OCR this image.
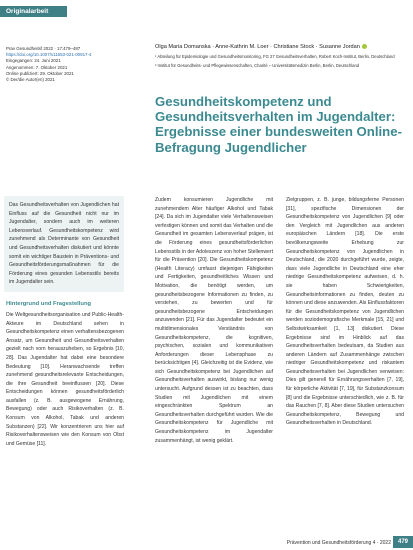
Originalarbeit
Prav Gesundheitsf 2022 · 17:479–487
https://doi.org/10.1007/s11553-021-00917-4
Eingegangen: 24. Juni 2021
Angenommen: 7. Oktober 2021
Online publiziert: 29. Oktober 2021
© Der/die Autor(en) 2021
Olga Maria Domanska · Anne-Kathrin M. Loer · Christiane Stock · Susanne Jordan
¹ Abteilung für Epidemiologie und Gesundheitsmonitoring, FG 27 Gesundheitsverhalten, Robert Koch-Institut, Berlin, Deutschland
² Institut für Gesundheits- und Pflegewissenschaften, Charité – Universitätsmedizin Berlin, Berlin, Deutschland
Gesundheitskompetenz und Gesundheitsverhalten im Jugendalter: Ergebnisse einer bundesweiten Online-Befragung Jugendlicher

Das Gesundheitsverhalten von Jugendlichen hat Einfluss auf die Gesundheit nicht nur im Jugendalter, sondern auch im weiteren Lebensverlauf. Gesundheitskompetenz wird zunehmend als Determinante von Gesundheit und Gesundheitsverhalten diskutiert und könnte somit ein wichtiger Baustein in Präventions- und Gesundheitsförderungsmaßnahmen für die Förderung eines gesunden Lebensstils bereits im Jugendalter sein.

Hintergrund und Fragestellung

Die Weltgesundheitsorganisation und Public-Health-Akteure im Deutschland sehen in Gesundheitskompetenz einen verhaltensbezogenen Ansatz, um Gesundheit und Gesundheitsverhalten gezielt nach vorn herauszuheben, so Ergebnis [10, 28]. Das Jugendalter hat dabei eine besondere Bedeutung [10]. Heranwachsende treffen zunehmend gesundheitsrelevante Entscheidungen, die ihre Gesundheit beeinflussen [20]. Diese Entscheidungen können gesundheitsförderlich ausfallen (z. B. ausgewogene Ernährung, Bewegung) oder auch Risikoverhalten (z. B. Konsum von Alkohol, Tabak und anderen Substanzen) [22]. Wir konzentrieren uns hier auf Risikoverhaltensweisen wie den Konsum von Obst und Gemüse [11].

Zudem konsumieren Jugendliche mit zunehmendem Alter häufiger Alkohol und Tabak [24]. Da sich im Jugendalter viele Verhaltensweisen verfestigen können und somit das Verhalten und die Gesundheit im gesamten Lebensverlauf prägen, ist die Förderung eines gesundheitsförderlichen Lebensstils in der Adoleszenz von hoher Stellenwert für die Prävention [20]. Die Gesundheitskompetenz (Health Literacy) umfasst diejenigen Fähigkeiten und Fertigkeiten, gesundheitliches Wissen und Motivation, die benötigt werden, um gesundheitsbezogene Informationen zu finden, zu verstehen, zu bewerten und für gesundheitsbezogene Entscheidungen anzuwenden [21]. Für das Jugendalter bedeutet ein multidimensionales Verständnis von Gesundheitskompetenz, die kognitiven, psychischen, sozialen und kommunikativen Anforderungen dieser Lebensphase zu berücksichtigen [4]. Gleichzeitig ist die Evidenz, wie sich Gesundheitskompetenz bei Jugendlichen auf Gesundheitsverhalten auswirkt, bislang nur wenig untersucht. Aufgrund dessen ist zu beachten, dass Studien mit Jugendlichen mit einem eingeschränkten Spektrum an Gesundheitsverhalten durchgeführt wurden. Wie die Gesundheitskompetenz für Jugendliche mit Gesundheitskompetenz im Jugendalter zusammenhängt, ist wenig geklärt.

Zielgruppen, z. B. junge, bildungsferne Personen [31], spezifische Dimensionen der Gesundheitskompetenz von Jugendlichen [9] oder den Vergleich mit Jugendlichen aus anderen europäischen Ländern [18]. Die erste bevölkerungsweite Erhebung zur Gesundheitskompetenz von Jugendlichen in Deutschland, die 2020 durchgeführt wurde, zeigte, dass viele Jugendliche in Deutschland eine eher niedrige Gesundheitskompetenz aufweisen, d. h. sie haben Schwierigkeiten, Gesundheitsinformationen zu finden, deuten zu können und diese anzuwenden. Als Einflussfaktoren für die Gesundheitskompetenz von Jugendlichen werden soziodemografische Merkmale [15, 21] und Selbstwirksamkeit [1, 13] diskutiert. Diese Ergebnisse sind im Hinblick auf das Gesundheitsverhalten bedeutsam, da Studien aus anderen Ländern auf Zusammenhänge zwischen niedriger Gesundheitskompetenz und riskantem Gesundheitsverhalten bei Jugendlichen verweisen: Dies gilt generell für Ernährungsverhalten [7, 19], für körperliche Aktivität [7, 19], für Substanzkonsum [8] und die Ergebnisse unterschiedlich, wie z. B. für das Rauchen [7, 8]. Aber diese Studien untersuchen Gesundheitskompetenz, Bewegung und Gesundheitsverhalten in Deutschland.

Prävention und Gesundheitsförderung 4 · 2022	479
